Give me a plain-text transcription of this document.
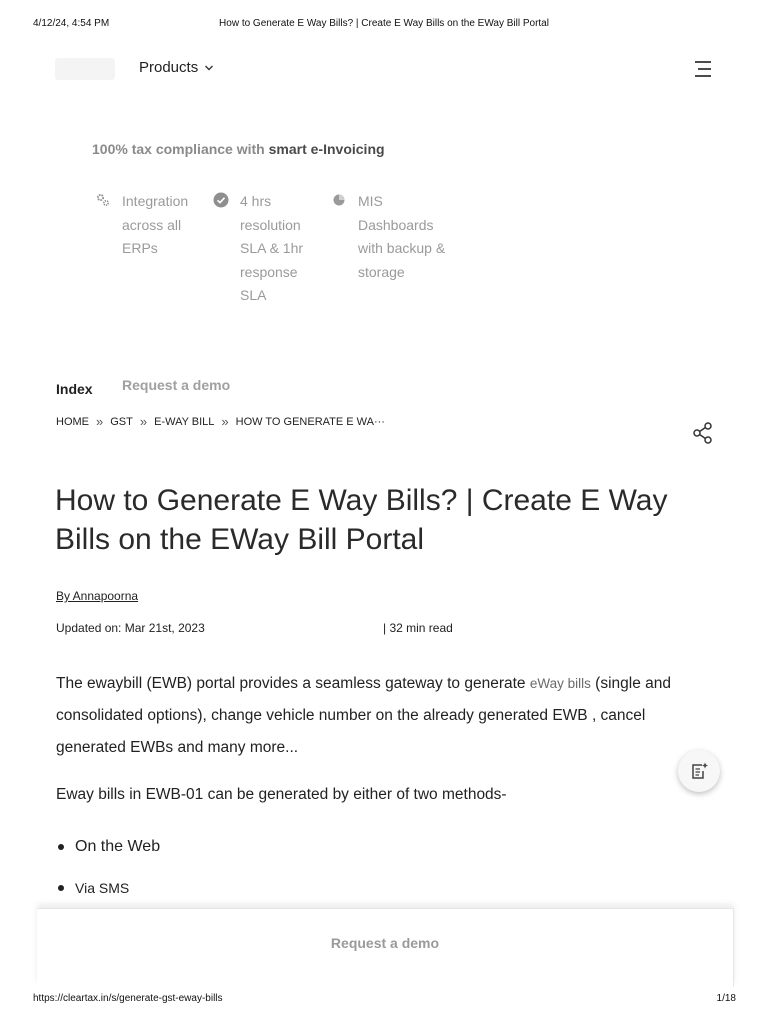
4/12/24, 4:54 PM	How to Generate E Way Bills? | Create E Way Bills on the EWay Bill Portal
Products
100% tax compliance with smart e-Invoicing
Integration across all ERPs
4 hrs resolution SLA & 1hr response SLA
MIS Dashboards with backup & storage
Index Request a demo
HOME » GST » E-WAY BILL » HOW TO GENERATE E WA···
How to Generate E Way Bills? | Create E Way Bills on the EWay Bill Portal
By Annapoorna
Updated on: Mar 21st, 2023	| 32 min read
The ewaybill (EWB) portal provides a seamless gateway to generate eWay bills (single and consolidated options), change vehicle number on the already generated EWB , cancel generated EWBs and many more...
Eway bills in EWB-01 can be generated by either of two methods-
On the Web
Via SMS
Request a demo
https://cleartax.in/s/generate-gst-eway-bills	1/18
